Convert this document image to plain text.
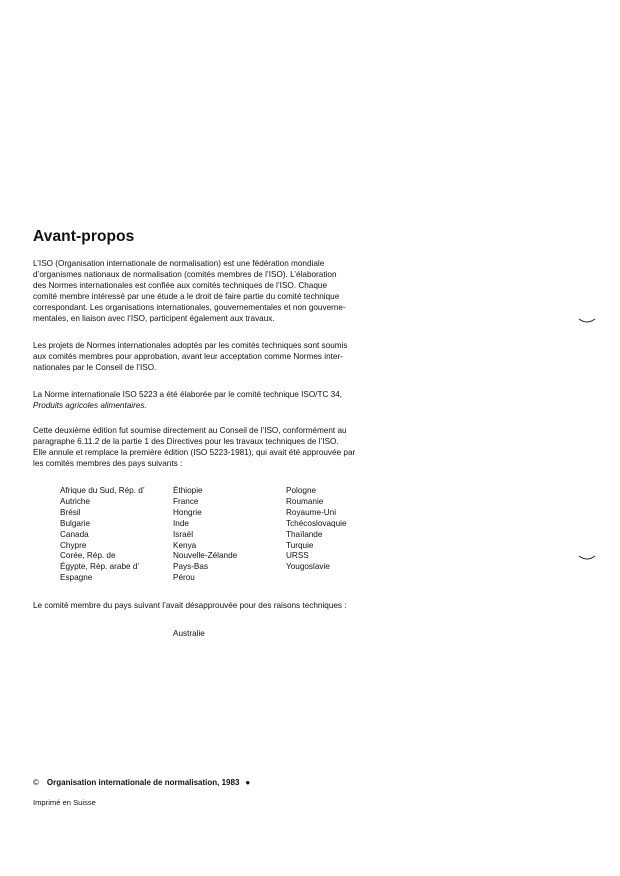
Avant-propos

L’ISO (Organisation internationale de normalisation) est une fédération mondiale
d’organismes nationaux de normalisation (comités membres de l’ISO). L’élaboration
des Normes internationales est confiée aux comités techniques de l’ISO. Chaque
comité membre intéressé par une étude a le droit de faire partie du comité technique
correspondant. Les organisations internationales, gouvernementales et non gouverne-
mentales, en liaison avec l’ISO, participent également aux travaux.

Les projets de Normes internationales adoptés par les comités techniques sont soumis
aux comités membres pour approbation, avant leur acceptation comme Normes inter-
nationales par le Conseil de l’ISO.

La Norme internationale ISO 5223 a été élaborée par le comité technique ISO/TC 34,
Produits agricoles alimentaires.

Cette deuxième édition fut soumise directement au Conseil de l’ISO, conformément au
paragraphe 6.11.2 de la partie 1 des Directives pour les travaux techniques de l’ISO.
Elle annule et remplace la première édition (ISO 5223-1981), qui avait été approuvée par
les comités membres des pays suivants :

Afrique du Sud, Rép. d’
Autriche
Brésil
Bulgarie
Canada
Chypre
Corée, Rép. de
Égypte, Rép. arabe d’
Espagne
Éthiopie
France
Hongrie
Inde
Israël
Kenya
Nouvelle-Zélande
Pays-Bas
Pérou
Pologne
Roumanie
Royaume-Uni
Tchécoslovaquie
Thaïlande
Turquie
URSS
Yougoslavie
Le comité membre du pays suivant l’avait désapprouvée pour des raisons techniques :
Australie
© Organisation internationale de normalisation, 1983 ●
Imprimé en Suisse
